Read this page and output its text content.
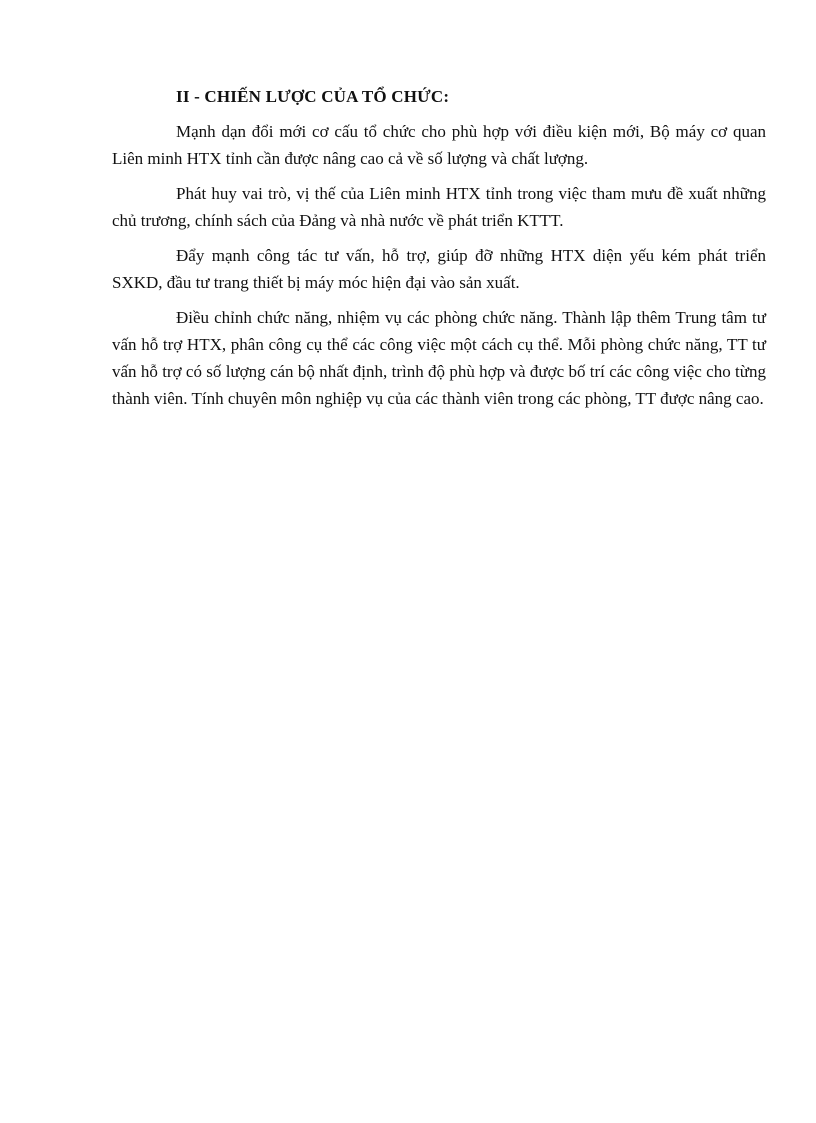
II - CHIẾN LƯỢC CỦA TỔ CHỨC:

Mạnh dạn đổi mới cơ cấu tổ chức cho phù hợp với điều kiện mới, Bộ máy cơ quan Liên minh HTX tỉnh cần được nâng cao cả về số lượng và chất lượng.

Phát huy vai trò, vị thế của Liên minh HTX tỉnh trong việc tham mưu đề xuất những chủ trương, chính sách của Đảng và nhà nước về phát triển KTTT.

Đẩy mạnh công tác tư vấn, hỗ trợ, giúp đỡ những HTX diện yếu kém phát triển SXKD, đầu tư trang thiết bị máy móc hiện đại vào sản xuất.

Điều chỉnh chức năng, nhiệm vụ các phòng chức năng. Thành lập thêm Trung tâm tư vấn hỗ trợ HTX, phân công cụ thể các công việc một cách cụ thể. Mỗi phòng chức năng, TT tư vấn hỗ trợ có số lượng cán bộ nhất định, trình độ phù hợp và được bố trí các công việc cho từng thành viên. Tính chuyên môn nghiệp vụ của các thành viên trong các phòng, TT được nâng cao.
